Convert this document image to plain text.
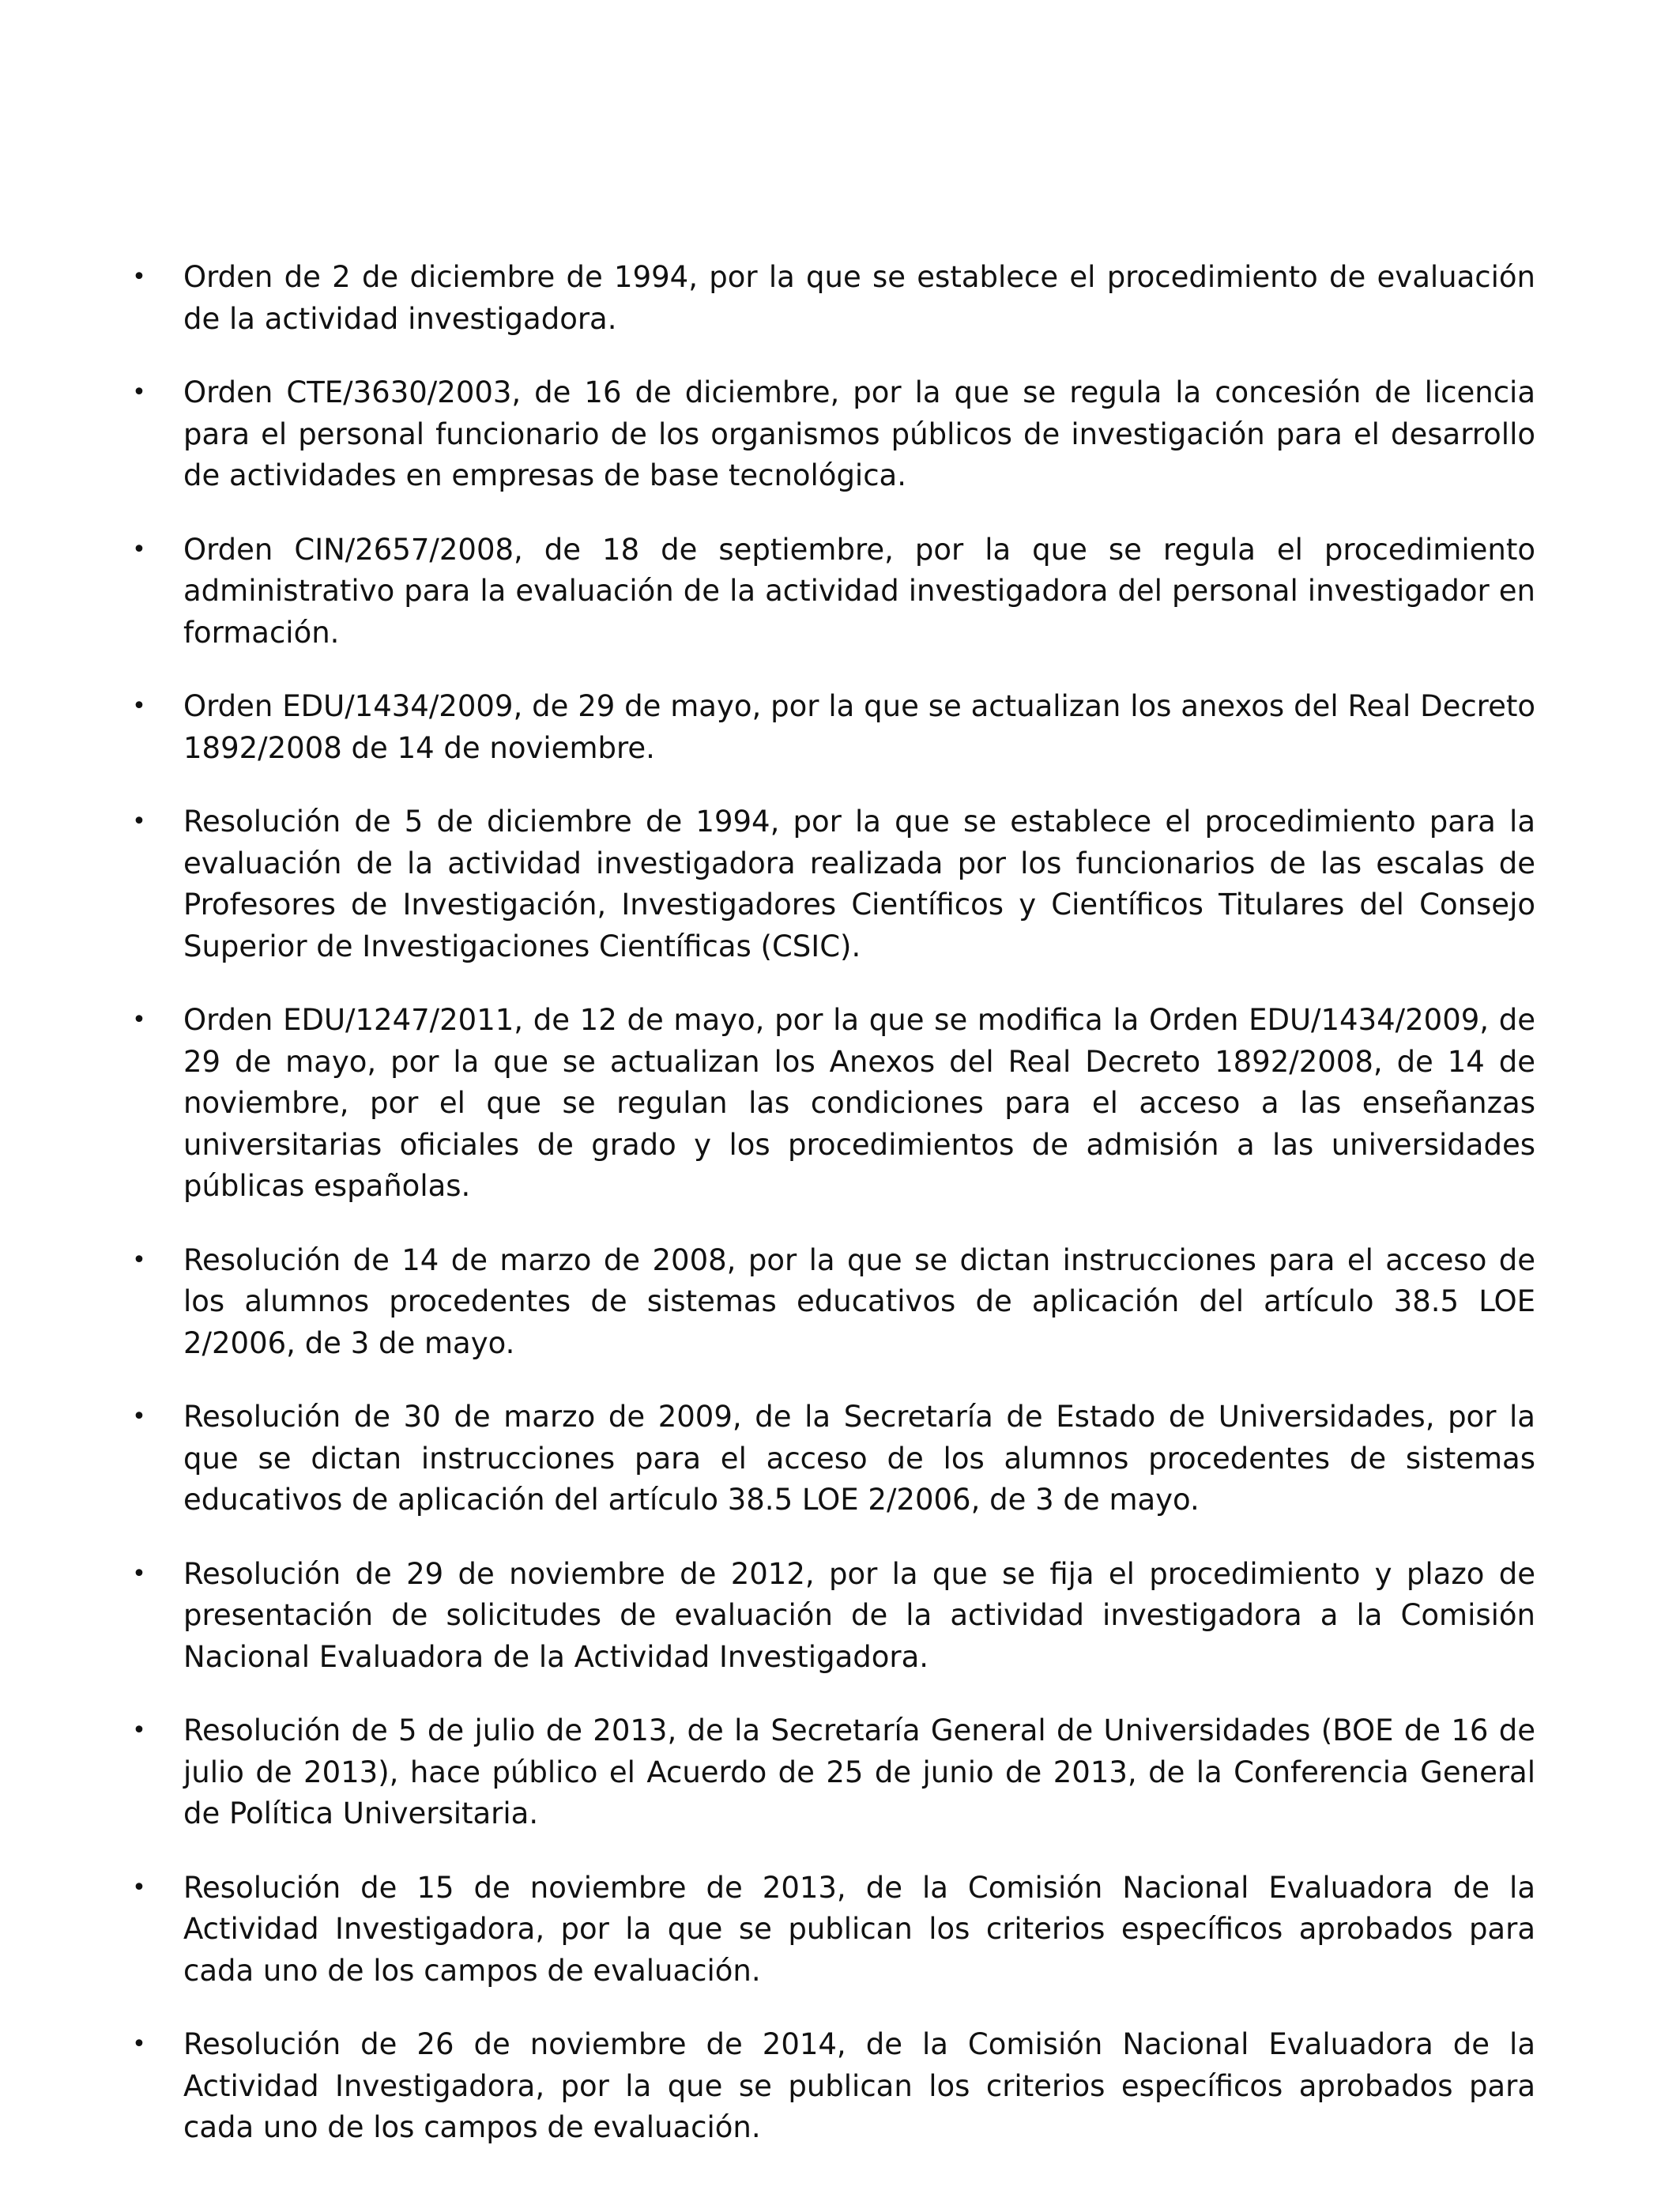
• Orden de 2 de diciembre de 1994, por la que se establece el procedimiento de evaluación de la actividad investigadora.
• Orden CTE/3630/2003, de 16 de diciembre, por la que se regula la concesión de licencia para el personal funcionario de los organismos públicos de investigación para el desarrollo de actividades en empresas de base tecnológica.
• Orden CIN/2657/2008, de 18 de septiembre, por la que se regula el procedimiento administrativo para la evaluación de la actividad investigadora del personal investigador en formación.
• Orden EDU/1434/2009, de 29 de mayo, por la que se actualizan los anexos del Real Decreto 1892/2008 de 14 de noviembre.
• Resolución de 5 de diciembre de 1994, por la que se establece el procedimiento para la evaluación de la actividad investigadora realizada por los funcionarios de las escalas de Profesores de Investigación, Investigadores Científicos y Científicos Titulares del Consejo Superior de Investigaciones Científicas (CSIC).
• Orden EDU/1247/2011, de 12 de mayo, por la que se modifica la Orden EDU/1434/2009, de 29 de mayo, por la que se actualizan los Anexos del Real Decreto 1892/2008, de 14 de noviembre, por el que se regulan las condiciones para el acceso a las enseñanzas universitarias oficiales de grado y los procedimientos de admisión a las universidades públicas españolas.
• Resolución de 14 de marzo de 2008, por la que se dictan instrucciones para el acceso de los alumnos procedentes de sistemas educativos de aplicación del artículo 38.5 LOE 2/2006, de 3 de mayo.
• Resolución de 30 de marzo de 2009, de la Secretaría de Estado de Universidades, por la que se dictan instrucciones para el acceso de los alumnos procedentes de sistemas educativos de aplicación del artículo 38.5 LOE 2/2006, de 3 de mayo.
• Resolución de 29 de noviembre de 2012, por la que se fija el procedimiento y plazo de presentación de solicitudes de evaluación de la actividad investigadora a la Comisión Nacional Evaluadora de la Actividad Investigadora.
• Resolución de 5 de julio de 2013, de la Secretaría General de Universidades (BOE de 16 de julio de 2013), hace público el Acuerdo de 25 de junio de 2013, de la Conferencia General de Política Universitaria.
• Resolución de 15 de noviembre de 2013, de la Comisión Nacional Evaluadora de la Actividad Investigadora, por la que se publican los criterios específicos aprobados para cada uno de los campos de evaluación.
• Resolución de 26 de noviembre de 2014, de la Comisión Nacional Evaluadora de la Actividad Investigadora, por la que se publican los criterios específicos aprobados para cada uno de los campos de evaluación.
